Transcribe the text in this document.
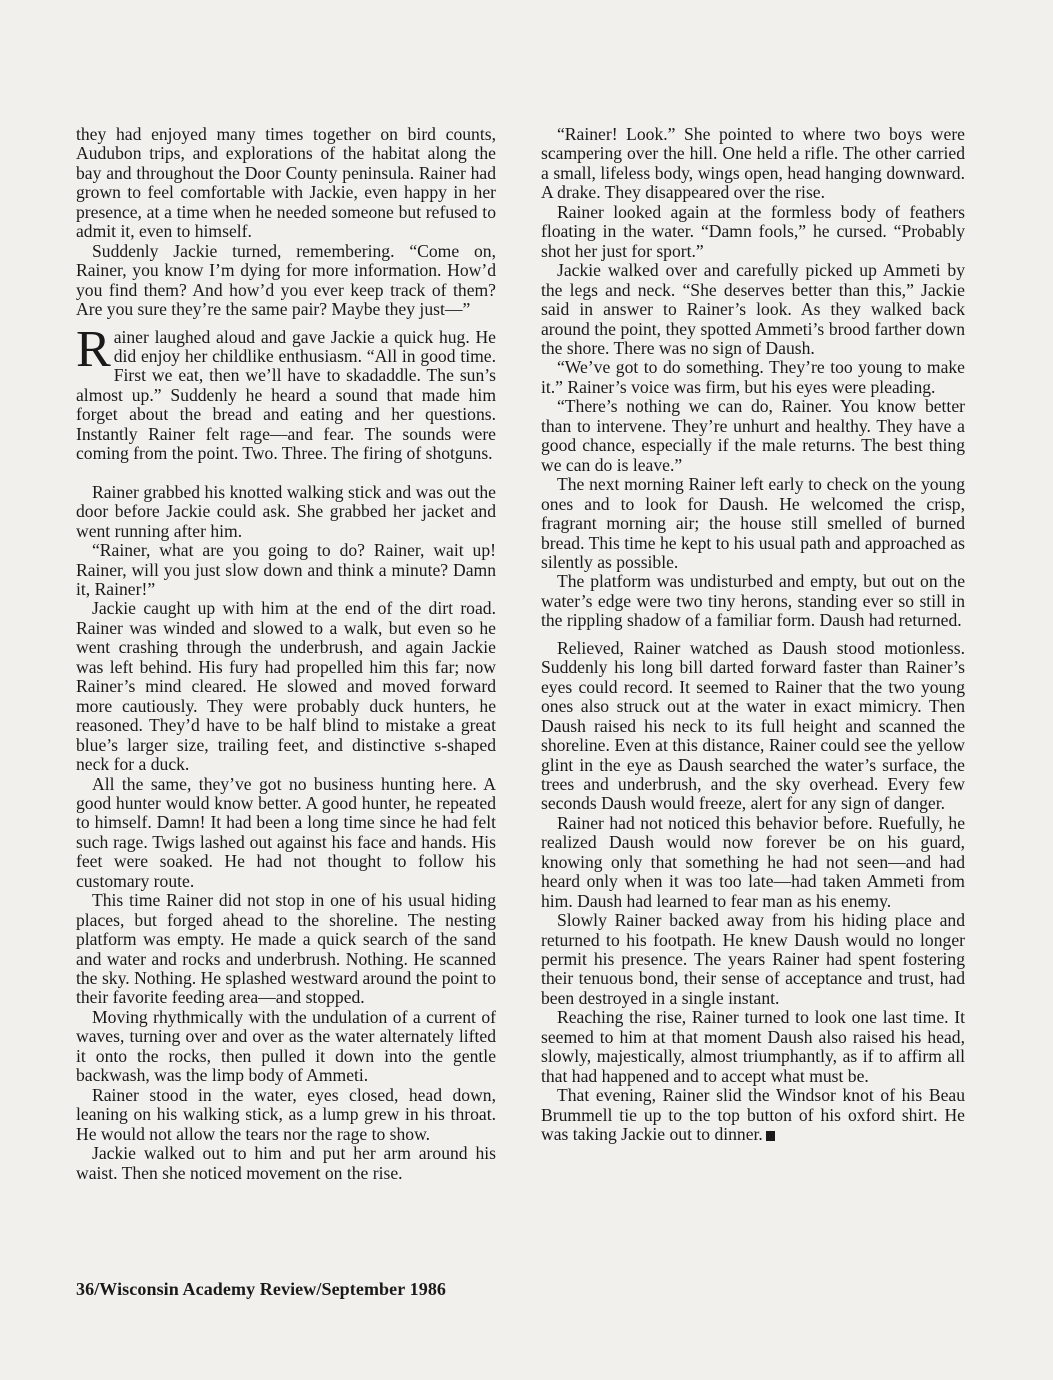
they had enjoyed many times together on bird counts, Audubon trips, and explorations of the habitat along the bay and throughout the Door County peninsula. Rainer had grown to feel comfortable with Jackie, even happy in her presence, at a time when he needed someone but refused to admit it, even to himself.

Suddenly Jackie turned, remembering. “Come on, Rainer, you know I’m dying for more information. How’d you find them? And how’d you ever keep track of them? Are you sure they’re the same pair? Maybe they just—”

Rainer laughed aloud and gave Jackie a quick hug. He did enjoy her childlike enthusiasm. “All in good time. First we eat, then we’ll have to skadaddle. The sun’s almost up.” Suddenly he heard a sound that made him forget about the bread and eating and her questions. Instantly Rainer felt rage—and fear. The sounds were coming from the point. Two. Three. The firing of shotguns.

Rainer grabbed his knotted walking stick and was out the door before Jackie could ask. She grabbed her jacket and went running after him.

“Rainer, what are you going to do? Rainer, wait up! Rainer, will you just slow down and think a minute? Damn it, Rainer!”

Jackie caught up with him at the end of the dirt road. Rainer was winded and slowed to a walk, but even so he went crashing through the underbrush, and again Jackie was left behind. His fury had propelled him this far; now Rainer’s mind cleared. He slowed and moved forward more cautiously. They were probably duck hunters, he reasoned. They’d have to be half blind to mistake a great blue’s larger size, trailing feet, and distinctive s-shaped neck for a duck.

All the same, they’ve got no business hunting here. A good hunter would know better. A good hunter, he repeated to himself. Damn! It had been a long time since he had felt such rage. Twigs lashed out against his face and hands. His feet were soaked. He had not thought to follow his customary route.

This time Rainer did not stop in one of his usual hiding places, but forged ahead to the shoreline. The nesting platform was empty. He made a quick search of the sand and water and rocks and underbrush. Nothing. He scanned the sky. Nothing. He splashed westward around the point to their favorite feeding area—and stopped.

Moving rhythmically with the undulation of a current of waves, turning over and over as the water alternately lifted it onto the rocks, then pulled it down into the gentle backwash, was the limp body of Ammeti.

Rainer stood in the water, eyes closed, head down, leaning on his walking stick, as a lump grew in his throat. He would not allow the tears nor the rage to show.

Jackie walked out to him and put her arm around his waist. Then she noticed movement on the rise.

“Rainer! Look.” She pointed to where two boys were scampering over the hill. One held a rifle. The other carried a small, lifeless body, wings open, head hanging downward. A drake. They disappeared over the rise.

Rainer looked again at the formless body of feathers floating in the water. “Damn fools,” he cursed. “Probably shot her just for sport.”

Jackie walked over and carefully picked up Ammeti by the legs and neck. “She deserves better than this,” Jackie said in answer to Rainer’s look. As they walked back around the point, they spotted Ammeti’s brood farther down the shore. There was no sign of Daush.

“We’ve got to do something. They’re too young to make it.” Rainer’s voice was firm, but his eyes were pleading.

“There’s nothing we can do, Rainer. You know better than to intervene. They’re unhurt and healthy. They have a good chance, especially if the male returns. The best thing we can do is leave.”

The next morning Rainer left early to check on the young ones and to look for Daush. He welcomed the crisp, fragrant morning air; the house still smelled of burned bread. This time he kept to his usual path and approached as silently as possible.

The platform was undisturbed and empty, but out on the water’s edge were two tiny herons, standing ever so still in the rippling shadow of a familiar form. Daush had returned.

Relieved, Rainer watched as Daush stood motionless. Suddenly his long bill darted forward faster than Rainer’s eyes could record. It seemed to Rainer that the two young ones also struck out at the water in exact mimicry. Then Daush raised his neck to its full height and scanned the shoreline. Even at this distance, Rainer could see the yellow glint in the eye as Daush searched the water’s surface, the trees and underbrush, and the sky overhead. Every few seconds Daush would freeze, alert for any sign of danger.

Rainer had not noticed this behavior before. Ruefully, he realized Daush would now forever be on his guard, knowing only that something he had not seen—and had heard only when it was too late—had taken Ammeti from him. Daush had learned to fear man as his enemy.

Slowly Rainer backed away from his hiding place and returned to his footpath. He knew Daush would no longer permit his presence. The years Rainer had spent fostering their tenuous bond, their sense of acceptance and trust, had been destroyed in a single instant.

Reaching the rise, Rainer turned to look one last time. It seemed to him at that moment Daush also raised his head, slowly, majestically, almost triumphantly, as if to affirm all that had happened and to accept what must be.

That evening, Rainer slid the Windsor knot of his Beau Brummell tie up to the top button of his oxford shirt. He was taking Jackie out to dinner.

36/Wisconsin Academy Review/September 1986
